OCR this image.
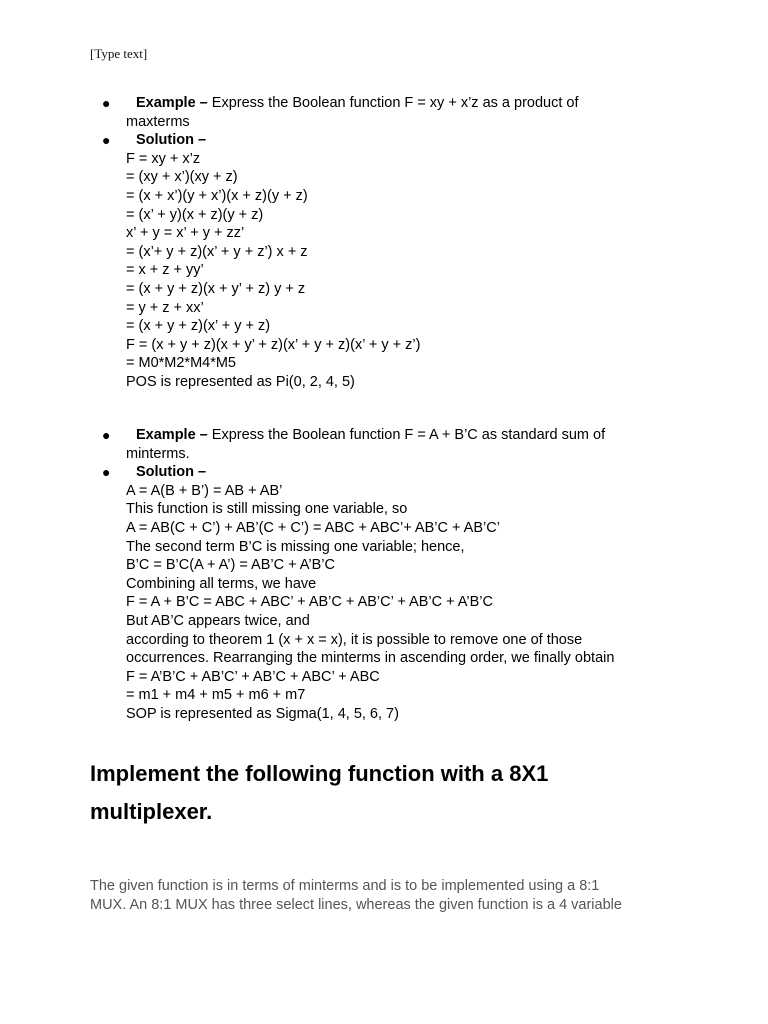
[Type text]
● Example – Express the Boolean function F = xy + x’z as a product of
maxterms
● Solution –
F = xy + x’z
= (xy + x’)(xy + z)
= (x + x’)(y + x’)(x + z)(y + z)
= (x’ + y)(x + z)(y + z)
x’ + y = x’ + y + zz’
= (x’+ y + z)(x’ + y + z’) x + z
= x + z + yy’
= (x + y + z)(x + y’ + z) y + z
= y + z + xx’
= (x + y + z)(x’ + y + z)
F = (x + y + z)(x + y’ + z)(x’ + y + z)(x’ + y + z’)
= M0*M2*M4*M5
POS is represented as Pi(0, 2, 4, 5)
● Example – Express the Boolean function F = A + B’C as standard sum of
minterms.
● Solution –
A = A(B + B’) = AB + AB’
This function is still missing one variable, so
A = AB(C + C’) + AB’(C + C’) = ABC + ABC’+ AB’C + AB’C’
The second term B’C is missing one variable; hence,
B’C = B’C(A + A’) = AB’C + A’B’C
Combining all terms, we have
F = A + B’C = ABC + ABC’ + AB’C + AB’C’ + AB’C + A’B’C
But AB’C appears twice, and
according to theorem 1 (x + x = x), it is possible to remove one of those
occurrences. Rearranging the minterms in ascending order, we finally obtain
F = A’B’C + AB’C’ + AB’C + ABC’ + ABC
= m1 + m4 + m5 + m6 + m7
SOP is represented as Sigma(1, 4, 5, 6, 7)
Implement the following function with a 8X1
multiplexer.
The given function is in terms of minterms and is to be implemented using a 8:1
MUX. An 8:1 MUX has three select lines, whereas the given function is a 4 variable
